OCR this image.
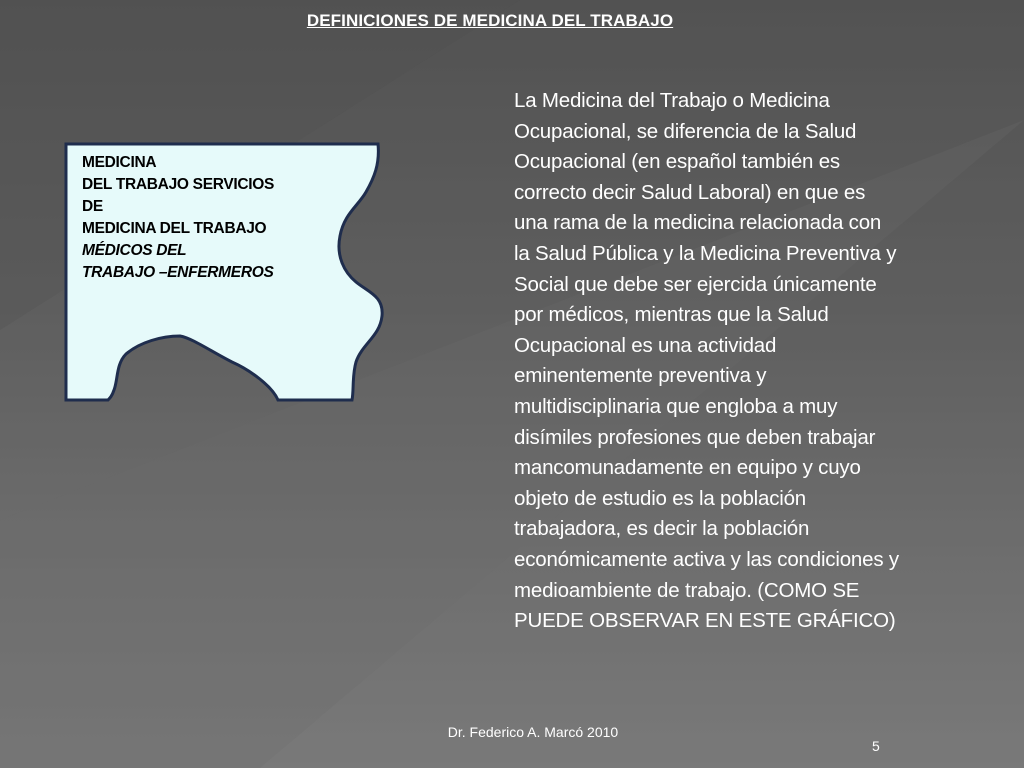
DEFINICIONES DE MEDICINA DEL TRABAJO
MEDICINA
DEL TRABAJO SERVICIOS
DE
MEDICINA DEL TRABAJO
MÉDICOS DEL
TRABAJO –ENFERMEROS
La Medicina del Trabajo o Medicina
Ocupacional, se diferencia de la Salud
Ocupacional (en español también es
correcto decir Salud Laboral) en que es
una rama de la medicina relacionada con
la Salud Pública y la Medicina Preventiva y
Social que debe ser ejercida únicamente
por médicos, mientras que la Salud
Ocupacional es una actividad
eminentemente preventiva y
multidisciplinaria que engloba a muy
disímiles profesiones que deben trabajar
mancomunadamente en equipo y cuyo
objeto de estudio es la población
trabajadora, es decir la población
económicamente activa y las condiciones y
medioambiente de trabajo. (COMO SE
PUEDE OBSERVAR EN ESTE GRÁFICO)
Dr. Federico A. Marcó 2010
5
